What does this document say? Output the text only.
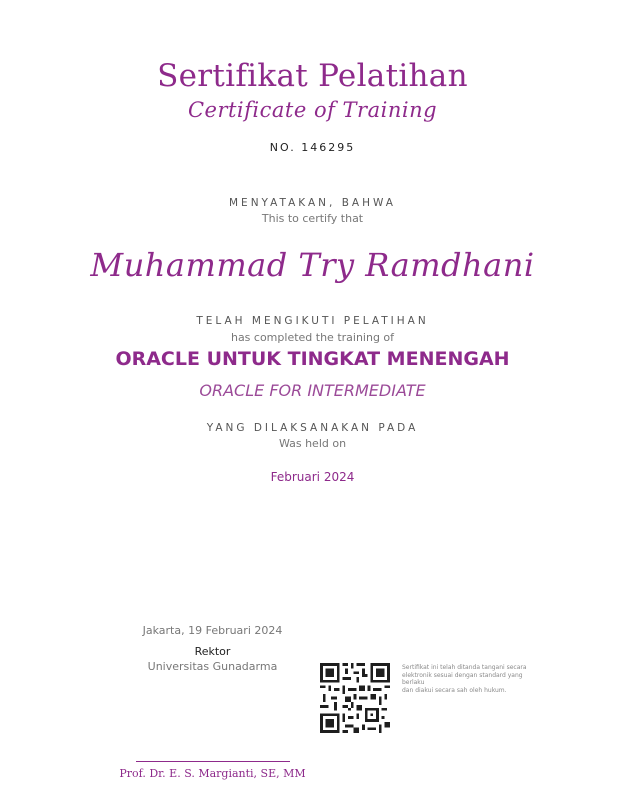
Sertifikat Pelatihan
Certificate of Training
NO. 146295
MENYATAKAN, BAHWA
This to certify that
Muhammad Try Ramdhani
TELAH MENGIKUTI PELATIHAN
has completed the training of
ORACLE UNTUK TINGKAT MENENGAH
ORACLE FOR INTERMEDIATE
YANG DILAKSANAKAN PADA
Was held on
Februari 2024
Jakarta, 19 Februari 2024
Rektor
Universitas Gunadarma
Prof. Dr. E. S. Margianti, SE, MM
Sertifikat ini telah ditanda tangani secara
elektronik sesuai dengan standard yang
berlaku
dan diakui secara sah oleh hukum.
